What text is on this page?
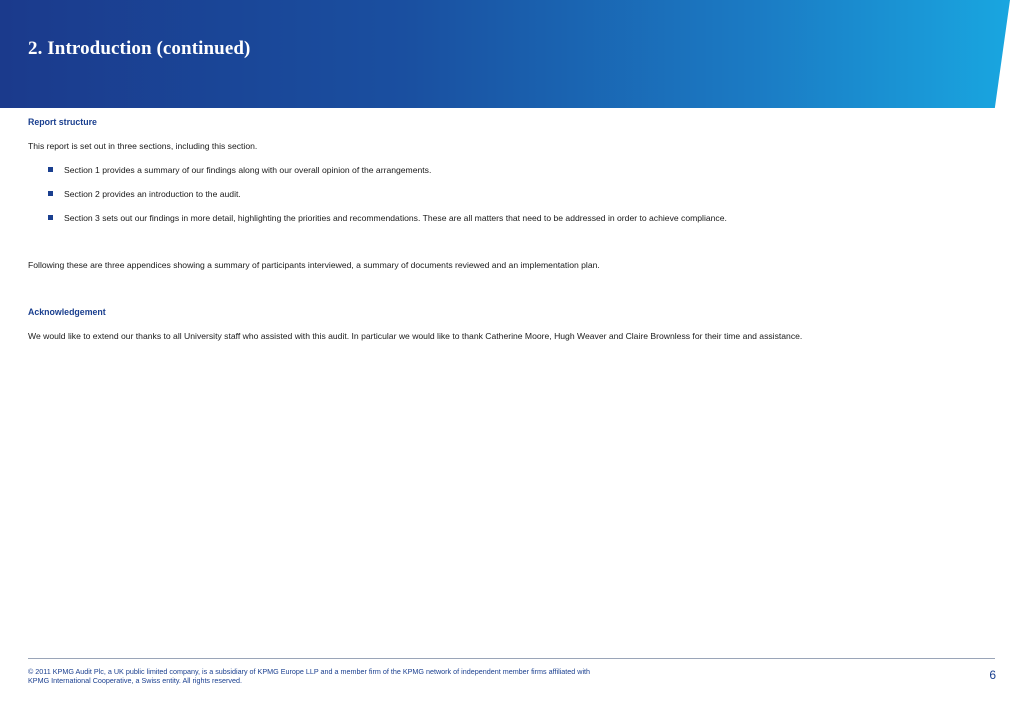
2. Introduction (continued)
Report structure

This report is set out in three sections, including this section.

Section 1 provides a summary of our findings along with our overall opinion of the arrangements.
Section 2 provides an introduction to the audit.
Section 3 sets out our findings in more detail, highlighting the priorities and recommendations. These are all matters that need to be addressed in order to achieve compliance.

Following these are three appendices showing a summary of participants interviewed, a summary of documents reviewed and an implementation plan.

Acknowledgement

We would like to extend our thanks to all University staff who assisted with this audit. In particular we would like to thank Catherine Moore, Hugh Weaver and Claire Brownless for their time and assistance.

© 2011 KPMG Audit Plc, a UK public limited company, is a subsidiary of KPMG Europe LLP and a member firm of the KPMG network of independent member firms affiliated with
KPMG International Cooperative, a Swiss entity. All rights reserved.	6
